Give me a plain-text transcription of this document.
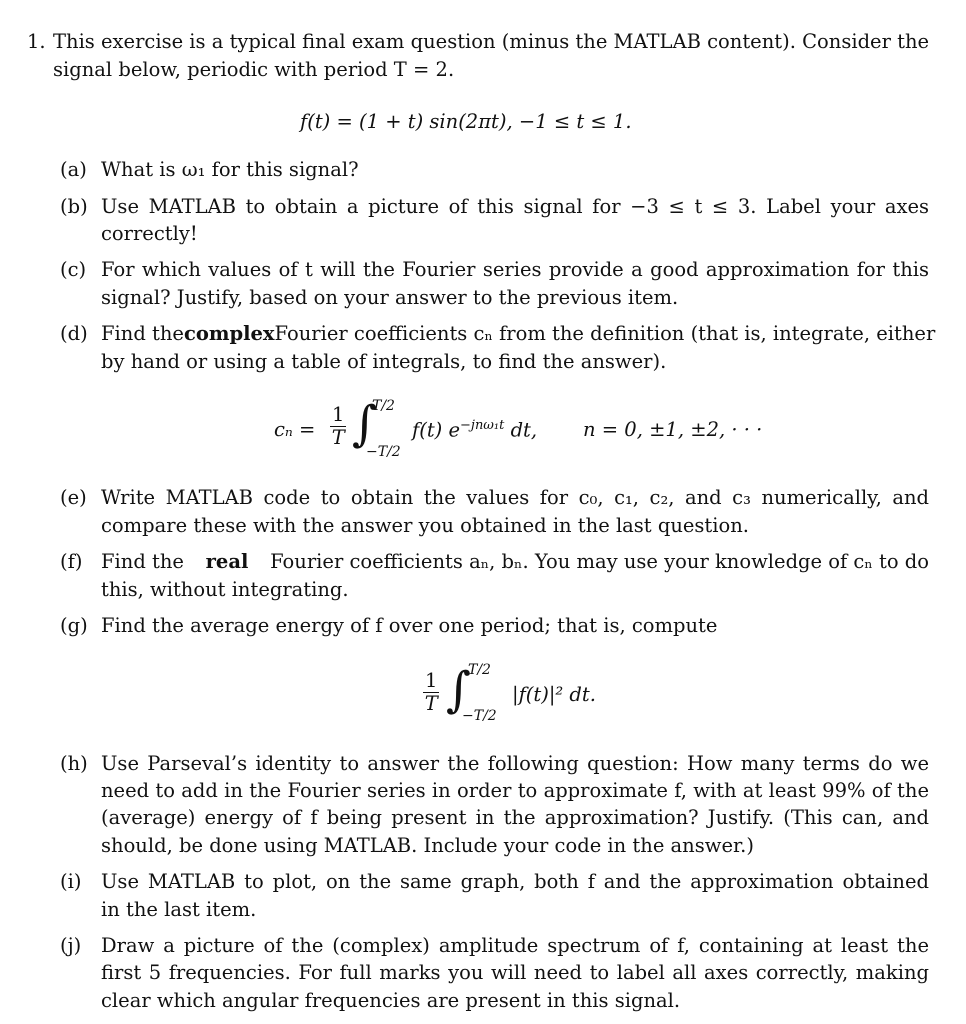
1. This exercise is a typical final exam question (minus the MATLAB content). Consider the
signal below, periodic with period T = 2.
f(t) = (1 + t) sin(2πt), −1 ≤ t ≤ 1.
(a) What is ω₁ for this signal?
(b) Use MATLAB to obtain a picture of this signal for −3 ≤ t ≤ 3. Label your axes
correctly!
(c) For which values of t will the Fourier series provide a good approximation for this
signal? Justify, based on your answer to the previous item.
(d) Find the complex Fourier coefficients cₙ from the definition (that is, integrate, either
by hand or using a table of integrals, to find the answer).
$c_n = \frac{1}{T}$ ∫
T/2
−T/2
f(t) $e^{-jn\omega_1t}$ dt, n = 0, ±1, ±2, · · ·
(e) Write MATLAB code to obtain the values for c₀, c₁, c₂, and c₃ numerically, and
compare these with the answer you obtained in the last question.
(f) Find the real Fourier coefficients aₙ, bₙ. You may use your knowledge of cₙ to do
this, without integrating.
(g) Find the average energy of f over one period; that is, compute
$\frac{1}{T}$ ∫
T/2
−T/2
|f(t)|² dt.
(h) Use Parseval’s identity to answer the following question: How many terms do we
need to add in the Fourier series in order to approximate f, with at least 99% of the
(average) energy of f being present in the approximation? Justify. (This can, and
should, be done using MATLAB. Include your code in the answer.)
(i) Use MATLAB to plot, on the same graph, both f and the approximation obtained
in the last item.
(j) Draw a picture of the (complex) amplitude spectrum of f, containing at least the
first 5 frequencies. For full marks you will need to label all axes correctly, making
clear which angular frequencies are present in this signal.
